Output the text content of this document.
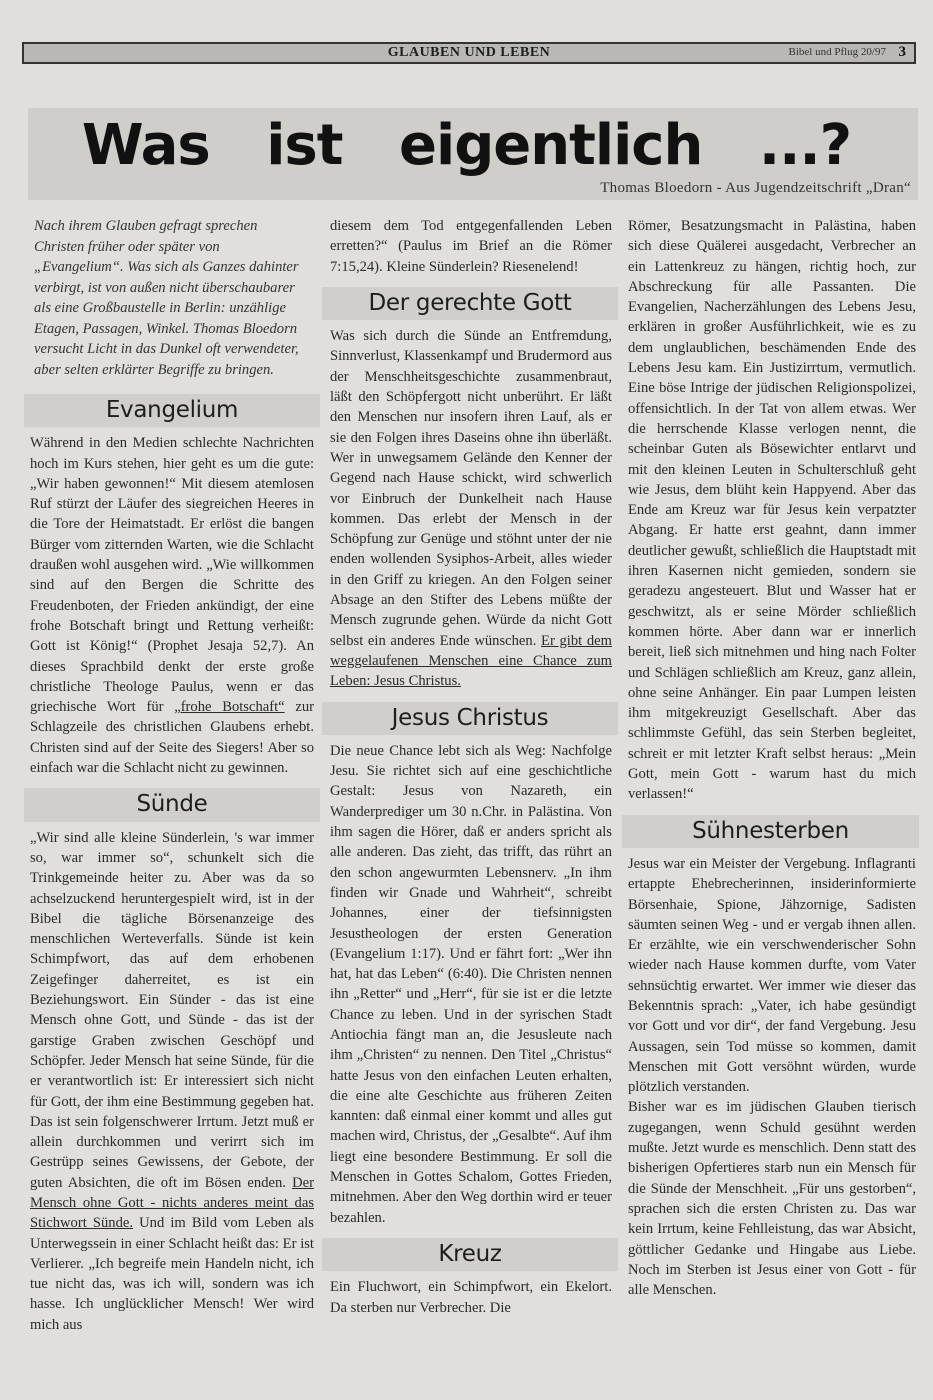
GLAUBEN UND LEBEN	Bibel und Pflug 20/97 3
Was ist eigentlich ...?
Thomas Bloedorn - Aus Jugendzeitschrift „Dran“

Nach ihrem Glauben gefragt sprechen Christen früher oder später von „Evangelium“. Was sich als Ganzes dahinter verbirgt, ist von außen nicht überschaubarer als eine Großbaustelle in Berlin: unzählige Etagen, Passagen, Winkel. Thomas Bloedorn versucht Licht in das Dunkel oft verwendeter, aber selten erklärter Begriffe zu bringen.

Evangelium

Während in den Medien schlechte Nachrichten hoch im Kurs stehen, hier geht es um die gute: „Wir haben gewonnen!“ Mit diesem atemlosen Ruf stürzt der Läufer des siegreichen Heeres in die Tore der Heimatstadt. Er erlöst die bangen Bürger vom zitternden Warten, wie die Schlacht draußen wohl ausgehen wird. „Wie willkommen sind auf den Bergen die Schritte des Freudenboten, der Frieden ankündigt, der eine frohe Botschaft bringt und Rettung verheißt: Gott ist König!“ (Prophet Jesaja 52,7). An dieses Sprachbild denkt der erste große christliche Theologe Paulus, wenn er das griechische Wort für „frohe Botschaft“ zur Schlagzeile des christlichen Glaubens erhebt. Christen sind auf der Seite des Siegers! Aber so einfach war die Schlacht nicht zu gewinnen.

Sünde

„Wir sind alle kleine Sünderlein, 's war immer so, war immer so“, schunkelt sich die Trinkgemeinde heiter zu. Aber was da so achselzuckend heruntergespielt wird, ist in der Bibel die tägliche Börsenanzeige des menschlichen Werteverfalls. Sünde ist kein Schimpfwort, das auf dem erhobenen Zeigefinger daherreitet, es ist ein Beziehungswort. Ein Sünder - das ist eine Mensch ohne Gott, und Sünde - das ist der garstige Graben zwischen Geschöpf und Schöpfer. Jeder Mensch hat seine Sünde, für die er verantwortlich ist: Er interessiert sich nicht für Gott, der ihm eine Bestimmung gegeben hat. Das ist sein folgenschwerer Irrtum. Jetzt muß er allein durchkommen und verirrt sich im Gestrüpp seines Gewissens, der Gebote, der guten Absichten, die oft im Bösen enden. Der Mensch ohne Gott - nichts anderes meint das Stichwort Sünde. Und im Bild vom Leben als Unterwegssein in einer Schlacht heißt das: Er ist Verlierer. „Ich begreife mein Handeln nicht, ich tue nicht das, was ich will, sondern was ich hasse. Ich unglücklicher Mensch! Wer wird mich aus

diesem dem Tod entgegenfallenden Leben erretten?“ (Paulus im Brief an die Römer 7:15,24). Kleine Sünderlein? Riesenelend!

Der gerechte Gott

Was sich durch die Sünde an Entfremdung, Sinnverlust, Klassenkampf und Brudermord aus der Menschheitsgeschichte zusammenbraut, läßt den Schöpfergott nicht unberührt. Er läßt den Menschen nur insofern ihren Lauf, als er sie den Folgen ihres Daseins ohne ihn überläßt. Wer in unwegsamem Gelände den Kenner der Gegend nach Hause schickt, wird schwerlich vor Einbruch der Dunkelheit nach Hause kommen. Das erlebt der Mensch in der Schöpfung zur Genüge und stöhnt unter der nie enden wollenden Sysiphos-Arbeit, alles wieder in den Griff zu kriegen. An den Folgen seiner Absage an den Stifter des Lebens müßte der Mensch zugrunde gehen. Würde da nicht Gott selbst ein anderes Ende wünschen. Er gibt dem weggelaufenen Menschen eine Chance zum Leben: Jesus Christus.

Jesus Christus

Die neue Chance lebt sich als Weg: Nachfolge Jesu. Sie richtet sich auf eine geschichtliche Gestalt: Jesus von Nazareth, ein Wanderprediger um 30 n.Chr. in Palästina. Von ihm sagen die Hörer, daß er anders spricht als alle anderen. Das zieht, das trifft, das rührt an den schon angewurmten Lebensnerv. „In ihm finden wir Gnade und Wahrheit“, schreibt Johannes, einer der tiefsinnigsten Jesustheologen der ersten Generation (Evangelium 1:17). Und er fährt fort: „Wer ihn hat, hat das Leben“ (6:40). Die Christen nennen ihn „Retter“ und „Herr“, für sie ist er die letzte Chance zu leben. Und in der syrischen Stadt Antiochia fängt man an, die Jesusleute nach ihm „Christen“ zu nennen. Den Titel „Christus“ hatte Jesus von den einfachen Leuten erhalten, die eine alte Geschichte aus früheren Zeiten kannten: daß einmal einer kommt und alles gut machen wird, Christus, der „Gesalbte“. Auf ihm liegt eine besondere Bestimmung. Er soll die Menschen in Gottes Schalom, Gottes Frieden, mitnehmen. Aber den Weg dorthin wird er teuer bezahlen.

Kreuz

Ein Fluchwort, ein Schimpfwort, ein Ekelort. Da sterben nur Verbrecher. Die

Römer, Besatzungsmacht in Palästina, haben sich diese Quälerei ausgedacht, Verbrecher an ein Lattenkreuz zu hängen, richtig hoch, zur Abschreckung für alle Passanten. Die Evangelien, Nacherzählungen des Lebens Jesu, erklären in großer Ausführlichkeit, wie es zu dem unglaublichen, beschämenden Ende des Lebens Jesu kam. Ein Justizirrtum, vermutlich. Eine böse Intrige der jüdischen Religionspolizei, offensichtlich. In der Tat von allem etwas. Wer die herrschende Klasse verlogen nennt, die scheinbar Guten als Bösewichter entlarvt und mit den kleinen Leuten in Schulterschluß geht wie Jesus, dem blüht kein Happyend. Aber das Ende am Kreuz war für Jesus kein verpatzter Abgang. Er hatte erst geahnt, dann immer deutlicher gewußt, schließlich die Hauptstadt mit ihren Kasernen nicht gemieden, sondern sie geradezu angesteuert. Blut und Wasser hat er geschwitzt, als er seine Mörder schließlich kommen hörte. Aber dann war er innerlich bereit, ließ sich mitnehmen und hing nach Folter und Schlägen schließlich am Kreuz, ganz allein, ohne seine Anhänger. Ein paar Lumpen leisten ihm mitgekreuzigt Gesellschaft. Aber das schlimmste Gefühl, das sein Sterben begleitet, schreit er mit letzter Kraft selbst heraus: „Mein Gott, mein Gott - warum hast du mich verlassen!“

Sühnesterben

Jesus war ein Meister der Vergebung. Inflagranti ertappte Ehebrecherinnen, insiderinformierte Börsenhaie, Spione, Jähzornige, Sadisten säumten seinen Weg - und er vergab ihnen allen. Er erzählte, wie ein verschwenderischer Sohn wieder nach Hause kommen durfte, vom Vater sehnsüchtig erwartet. Wer immer wie dieser das Bekenntnis sprach: „Vater, ich habe gesündigt vor Gott und vor dir“, der fand Vergebung. Jesu Aussagen, sein Tod müsse so kommen, damit Menschen mit Gott versöhnt würden, wurde plötzlich verstanden.

Bisher war es im jüdischen Glauben tierisch zugegangen, wenn Schuld gesühnt werden mußte. Jetzt wurde es menschlich. Denn statt des bisherigen Opfertieres starb nun ein Mensch für die Sünde der Menschheit. „Für uns gestorben“, sprachen sich die ersten Christen zu. Das war kein Irrtum, keine Fehlleistung, das war Absicht, göttlicher Gedanke und Hingabe aus Liebe. Noch im Sterben ist Jesus einer von Gott - für alle Menschen.
